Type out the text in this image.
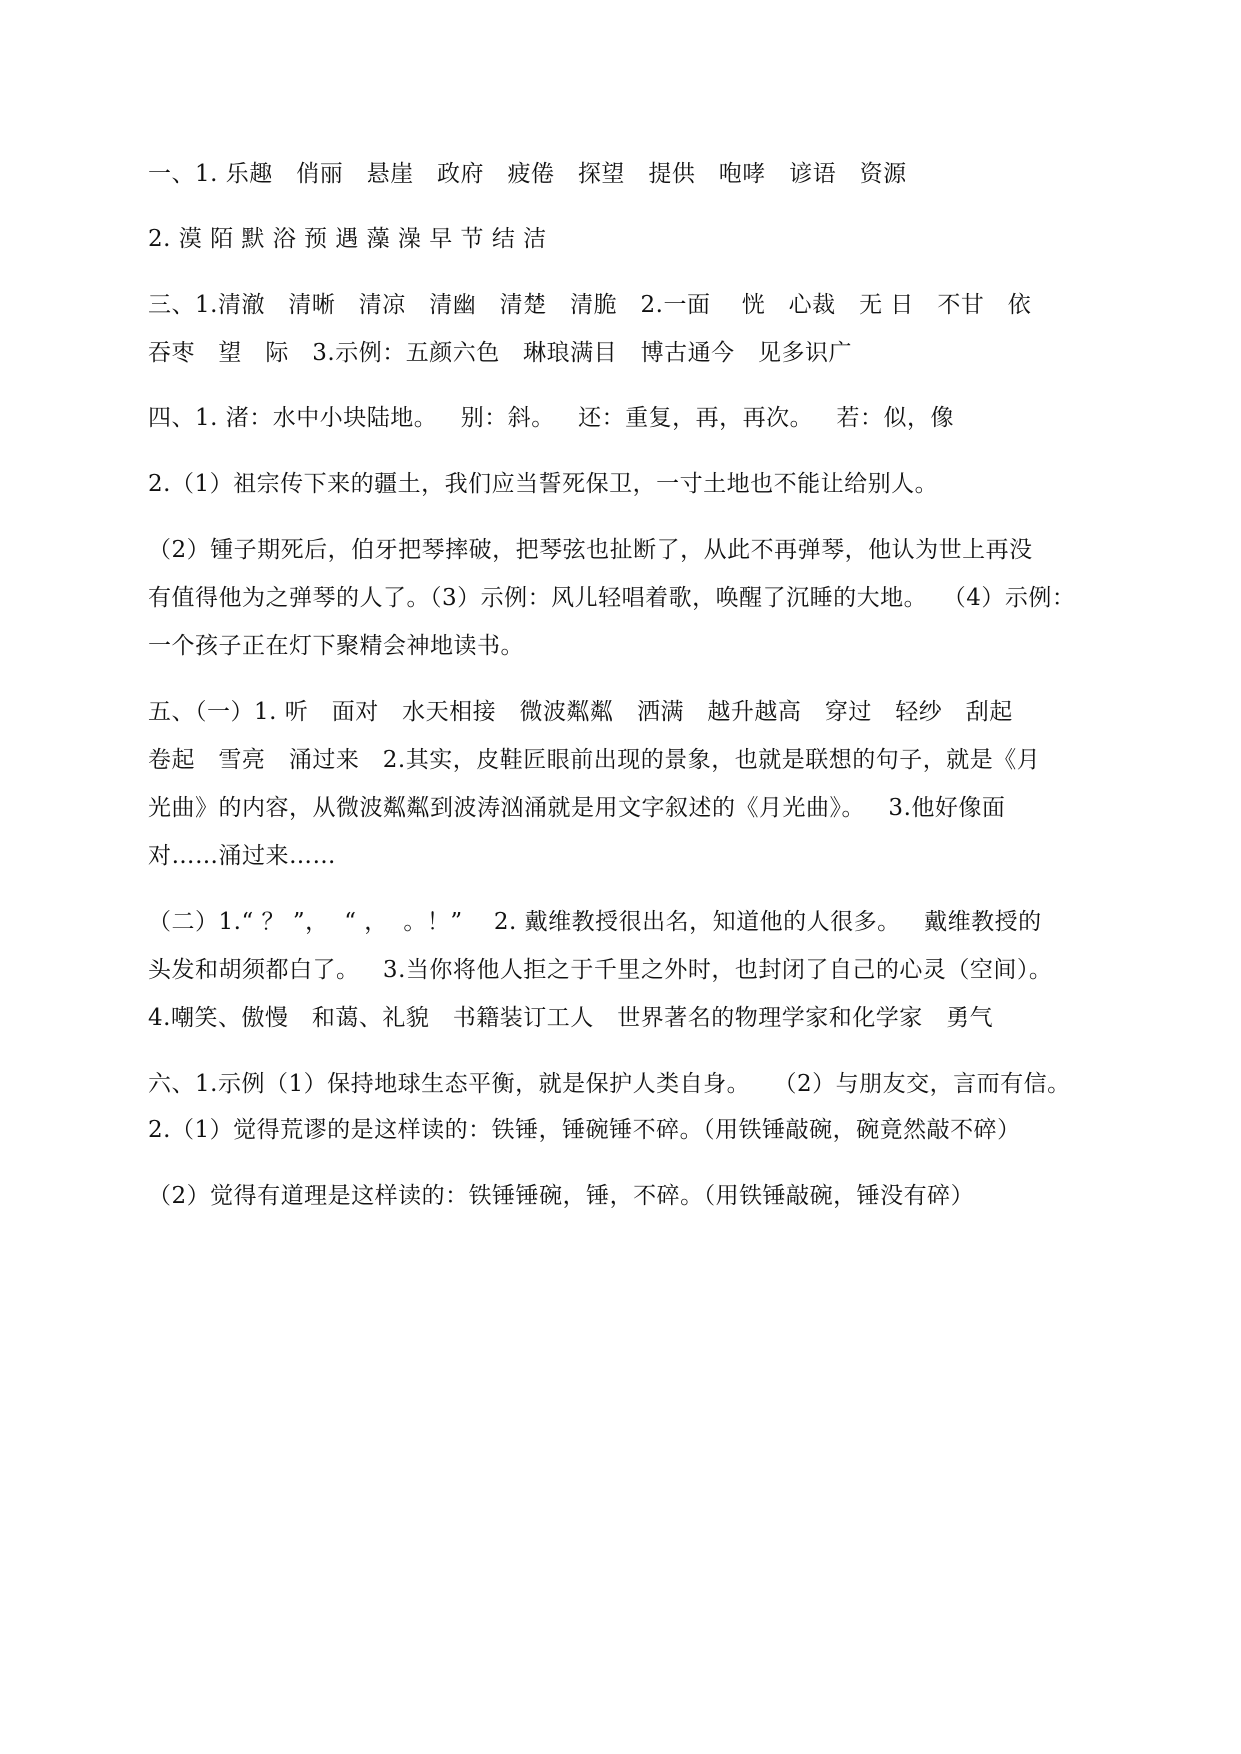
一、1. 乐趣   俏丽   悬崖   政府   疲倦   探望   提供   咆哮   谚语   资源
2. 漠 陌 默 浴 预 遇 藻 澡 早 节 结 洁
三、1.清澈   清晰   清凉   清幽   清楚   清脆   2.一面    恍   心裁   无 日   不甘   依
吞枣   望   际   3.示例：五颜六色   琳琅满目   博古通今   见多识广
四、1. 渚：水中小块陆地。   别：斜。   还：重复，再，再次。   若：似，像
2.（1）祖宗传下来的疆土，我们应当誓死保卫，一寸土地也不能让给别人。
（2）锺子期死后，伯牙把琴摔破，把琴弦也扯断了，从此不再弹琴，他认为世上再没
有值得他为之弹琴的人了。（3）示例：风儿轻唱着歌，唤醒了沉睡的大地。  （4）示例：
一个孩子正在灯下聚精会神地读书。
五、（一）1. 听   面对   水天相接   微波粼粼   洒满   越升越高   穿过   轻纱   刮起
卷起   雪亮   涌过来   2.其实，皮鞋匠眼前出现的景象，也就是联想的句子，就是《月
光曲》的内容，从微波粼粼到波涛汹涌就是用文字叙述的《月光曲》。   3.他好像面
对……涌过来……
（二）1.“ ？ ”，  “ ，  。！”    2. 戴维教授很出名，知道他的人很多。   戴维教授的
头发和胡须都白了。   3.当你将他人拒之于千里之外时，也封闭了自己的心灵（空间）。
4.嘲笑、傲慢   和蔼、礼貌   书籍装订工人   世界著名的物理学家和化学家   勇气
六、1.示例（1）保持地球生态平衡，就是保护人类自身。   （2）与朋友交，言而有信。
2.（1）觉得荒谬的是这样读的：铁锤，锤碗锤不碎。（用铁锤敲碗，碗竟然敲不碎）
（2）觉得有道理是这样读的：铁锤锤碗，锤，不碎。（用铁锤敲碗，锤没有碎）
